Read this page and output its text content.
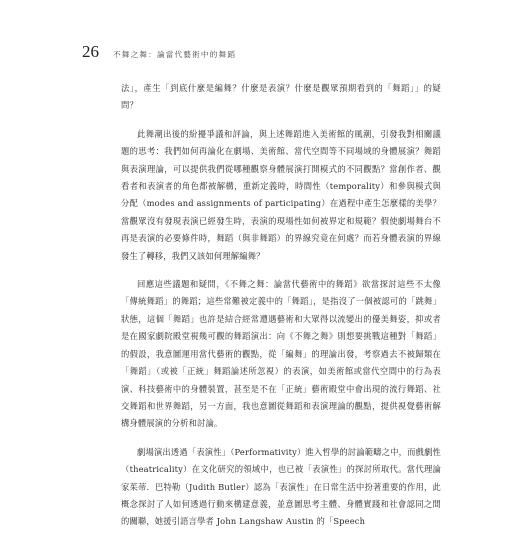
26 不舞之舞：論當代藝術中的舞蹈

法」，產生「到底什麼是編舞？什麼是表演？什麼是觀眾預期看到的「舞蹈」」的疑問？

此舞潮出後的紛擾爭議和評論，與上述舞蹈進入美術館的風潮，引發我對相關議題的思考：我們如何再論化在劇場、美術館、當代空間等不同場域的身體展演？舞蹈與表演理論，可以提供我們從哪種觀察身體展演打開模式的不同觀點？當創作者、觀看者和表演者的角色都被解構，重新定義時，時間性（temporality）和參與模式與分配（modes and assignments of participating）在過程中產生怎麼樣的美學？當觀眾沒有發現表演已經發生時，表演的現場性如何被界定和規範？假使劇場舞台不再是表演的必要條件時，舞蹈（與非舞蹈）的界線究竟在何處？而若身體表演的界線發生了轉移，我們又該如何理解編舞？

回應這些議題和疑問，《不舞之舞：論當代藝術中的舞蹈》欲當探討這些不太像「傳統舞蹈」的舞蹈；這些常難被定義中的「舞蹈」，是指沒了一個被認可的「跳舞」狀態，這個「舞蹈」也許是結合經常遭遇藝術和大眾得以流變出的優美舞姿，抑或者是在國家劇院殿堂視幾可觀的舞蹈演出：向《不舞之舞》則想要挑戰這種對「舞蹈」的假設，我意圖運用當代藝術的觀點，從「編舞」的理論出發，考察過去不被歸類在「舞蹈」（或被「正統」舞蹈論述所忽視）的表演，如美術館或當代空間中的行為表演、科技藝術中的身體裝置，甚至是不在「正統」藝術殿堂中會出現的流行舞蹈、社交舞蹈和世界舞蹈，另一方面，我也意圖從舞蹈和表演理論的觀點，提供視覺藝術解構身體展演的分析和討論。

劇場演出透過「表演性」（Performativity）進入哲學的討論範疇之中，而戲劇性（theatricality）在文化研究的領域中，也已被「表演性」的探討所取代。當代理論家茱蒂．巴特勒（Judith Butler）認為「表演性」在日常生活中扮著重要的作用，此概念探討了人如何透過行動來構建意義，並意圖思考主體、身體實踐和社會認同之間的關聯，她援引語言學者 John Langshaw Austin 的「Speech
